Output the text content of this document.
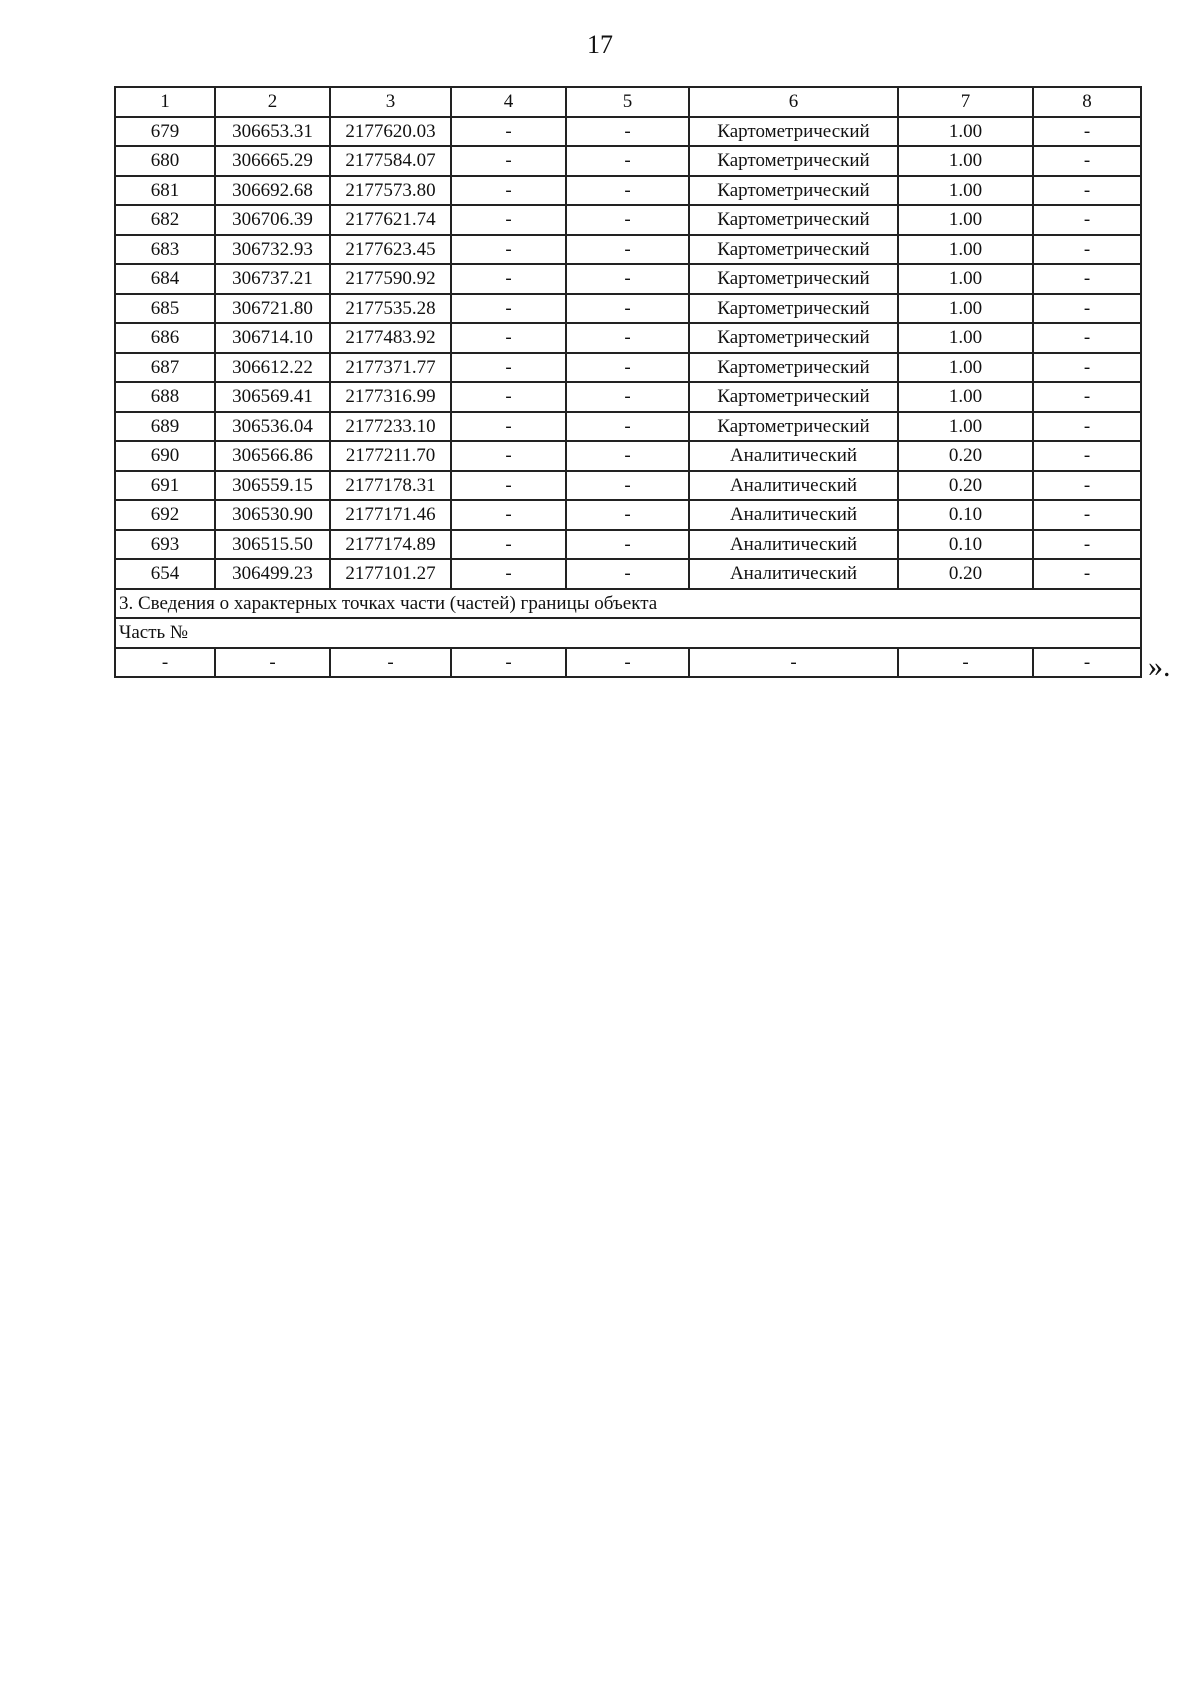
17
1	2	3	4	5	6	7	8
679	306653.31	2177620.03	-	-	Картометрический	1.00	-
680	306665.29	2177584.07	-	-	Картометрический	1.00	-
681	306692.68	2177573.80	-	-	Картометрический	1.00	-
682	306706.39	2177621.74	-	-	Картометрический	1.00	-
683	306732.93	2177623.45	-	-	Картометрический	1.00	-
684	306737.21	2177590.92	-	-	Картометрический	1.00	-
685	306721.80	2177535.28	-	-	Картометрический	1.00	-
686	306714.10	2177483.92	-	-	Картометрический	1.00	-
687	306612.22	2177371.77	-	-	Картометрический	1.00	-
688	306569.41	2177316.99	-	-	Картометрический	1.00	-
689	306536.04	2177233.10	-	-	Картометрический	1.00	-
690	306566.86	2177211.70	-	-	Аналитический	0.20	-
691	306559.15	2177178.31	-	-	Аналитический	0.20	-
692	306530.90	2177171.46	-	-	Аналитический	0.10	-
693	306515.50	2177174.89	-	-	Аналитический	0.10	-
654	306499.23	2177101.27	-	-	Аналитический	0.20	-
3. Сведения о характерных точках части (частей) границы объекта							
Часть №							
-	-	-	-	-	-	-	- ».
